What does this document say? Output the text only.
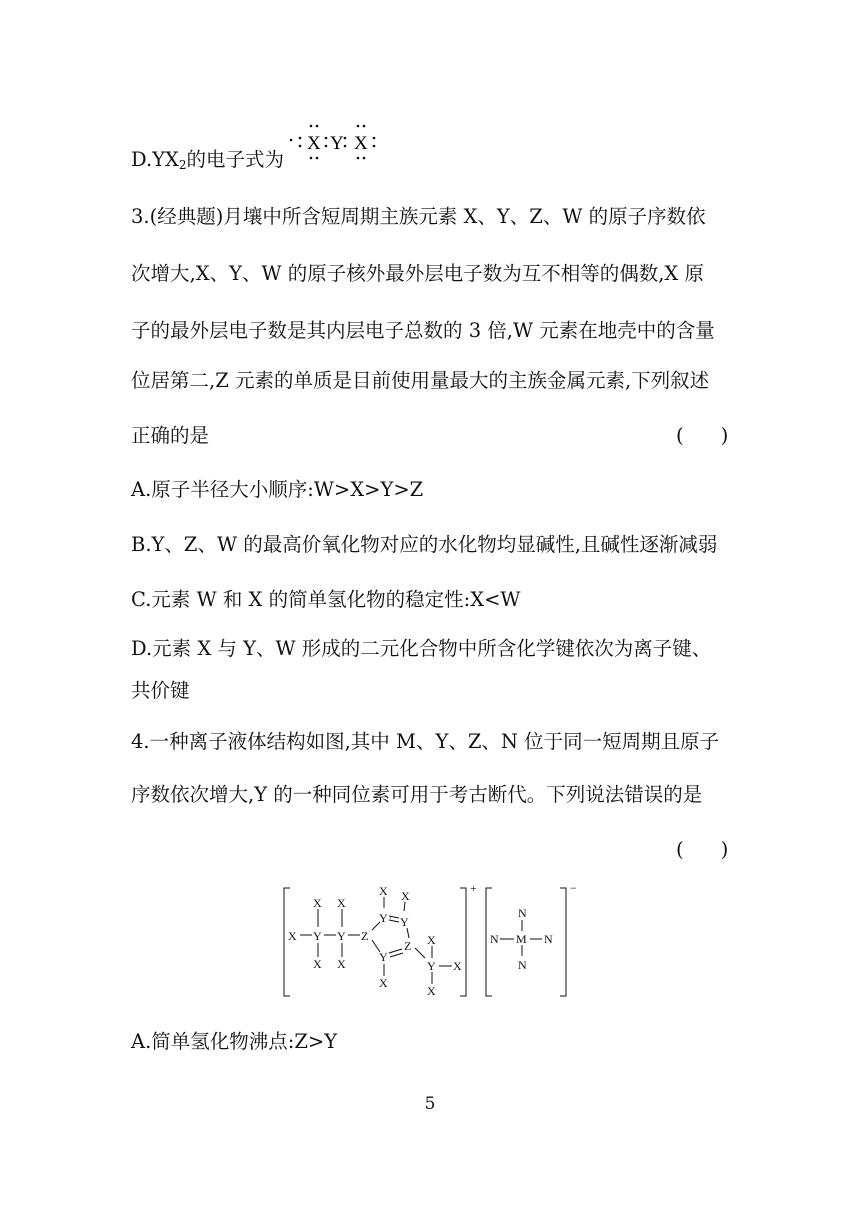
$D.YX_2$的电子式为
X Y X
3.(经典题)月壤中所含短周期主族元素 X、Y、Z、W 的原子序数依
次增大,X、Y、W 的原子核外最外层电子数为互不相等的偶数,X 原
子的最外层电子数是其内层电子总数的 3 倍,W 元素在地壳中的含量
位居第二,Z 元素的单质是目前使用量最大的主族金属元素,下列叙述
正确的是	(      )
A.原子半径大小顺序:W>X>Y>Z
B.Y、Z、W 的最高价氧化物对应的水化物均显碱性,且碱性逐渐减弱
C.元素 W 和 X 的简单氢化物的稳定性:X<W
D.元素 X 与 Y、W 形成的二元化合物中所含化学键依次为离子键、
共价键
4.一种离子液体结构如图,其中 M、Y、Z、N 位于同一短周期且原子
序数依次增大,Y 的一种同位素可用于考古断代。下列说法错误的是
(      )
X Y Y Z
X X
X X
X X
Y Y
Z
Y
X
X
Y X
X
N
N M N
N
+	−
A.简单氢化物沸点:Z>Y
5
